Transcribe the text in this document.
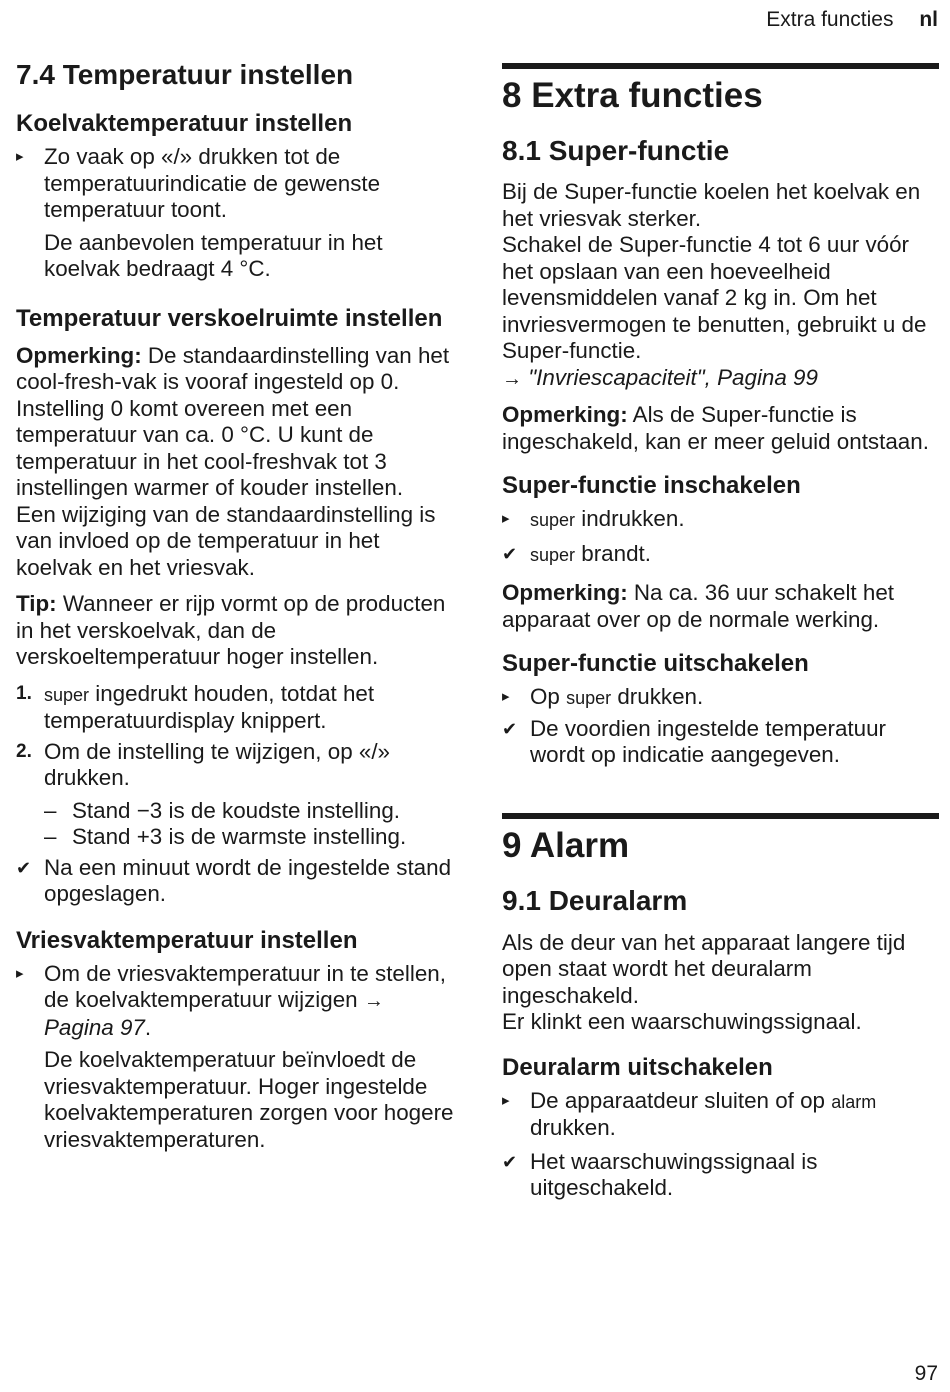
Extra functies nl
7.4 Temperatuur instellen
Koelvaktemperatuur instellen
▸ Zo vaak op «/» drukken tot de temperatuurindicatie de gewenste temperatuur toont.
De aanbevolen temperatuur in het koelvak bedraagt 4 °C.
Temperatuur verskoelruimte instellen

Opmerking: De standaardinstelling van het cool-fresh-vak is vooraf ingesteld op 0. Instelling 0 komt overeen met een temperatuur van ca. 0 °C. U kunt de temperatuur in het cool-freshvak tot 3 instellingen warmer of kouder instellen.

Een wijziging van de standaardinstelling is van invloed op de temperatuur in het koelvak en het vriesvak.

Tip: Wanneer er rijp vormt op de producten in het verskoelvak, dan de verskoeltemperatuur hoger instellen.

1. super ingedrukt houden, totdat het temperatuurdisplay knippert.
2. Om de instelling te wijzigen, op «/» drukken.
– Stand −3 is de koudste instelling.
– Stand +3 is de warmste instelling.
✔ Na een minuut wordt de ingestelde stand opgeslagen.
Vriesvaktemperatuur instellen
▸ Om de vriesvaktemperatuur in te stellen, de koelvaktemperatuur wijzigen → Pagina 97.
De koelvaktemperatuur beïnvloedt de vriesvaktemperatuur. Hoger ingestelde koelvaktemperaturen zorgen voor hogere vriesvaktemperaturen.
8 Extra functies
8.1 Super-functie

Bij de Super-functie koelen het koelvak en het vriesvak sterker.

Schakel de Super-functie 4 tot 6 uur vóór het opslaan van een hoeveelheid levensmiddelen vanaf 2 kg in. Om het invriesvermogen te benutten, gebruikt u de Super-functie.

→ "Invriescapaciteit", Pagina 99

Opmerking: Als de Super-functie is ingeschakeld, kan er meer geluid ontstaan.

Super-functie inschakelen
▸	super indrukken.
✔ super brandt.

Opmerking: Na ca. 36 uur schakelt het apparaat over op de normale werking.

Super-functie uitschakelen
▸ Op super drukken.
✔ De voordien ingestelde temperatuur wordt op indicatie aangegeven.
9 Alarm
9.1 Deuralarm

Als de deur van het apparaat langere tijd open staat wordt het deuralarm ingeschakeld.

Er klinkt een waarschuwingssignaal.

Deuralarm uitschakelen
▸ De apparaatdeur sluiten of op alarm drukken.
✔ Het waarschuwingssignaal is uitgeschakeld.
97
